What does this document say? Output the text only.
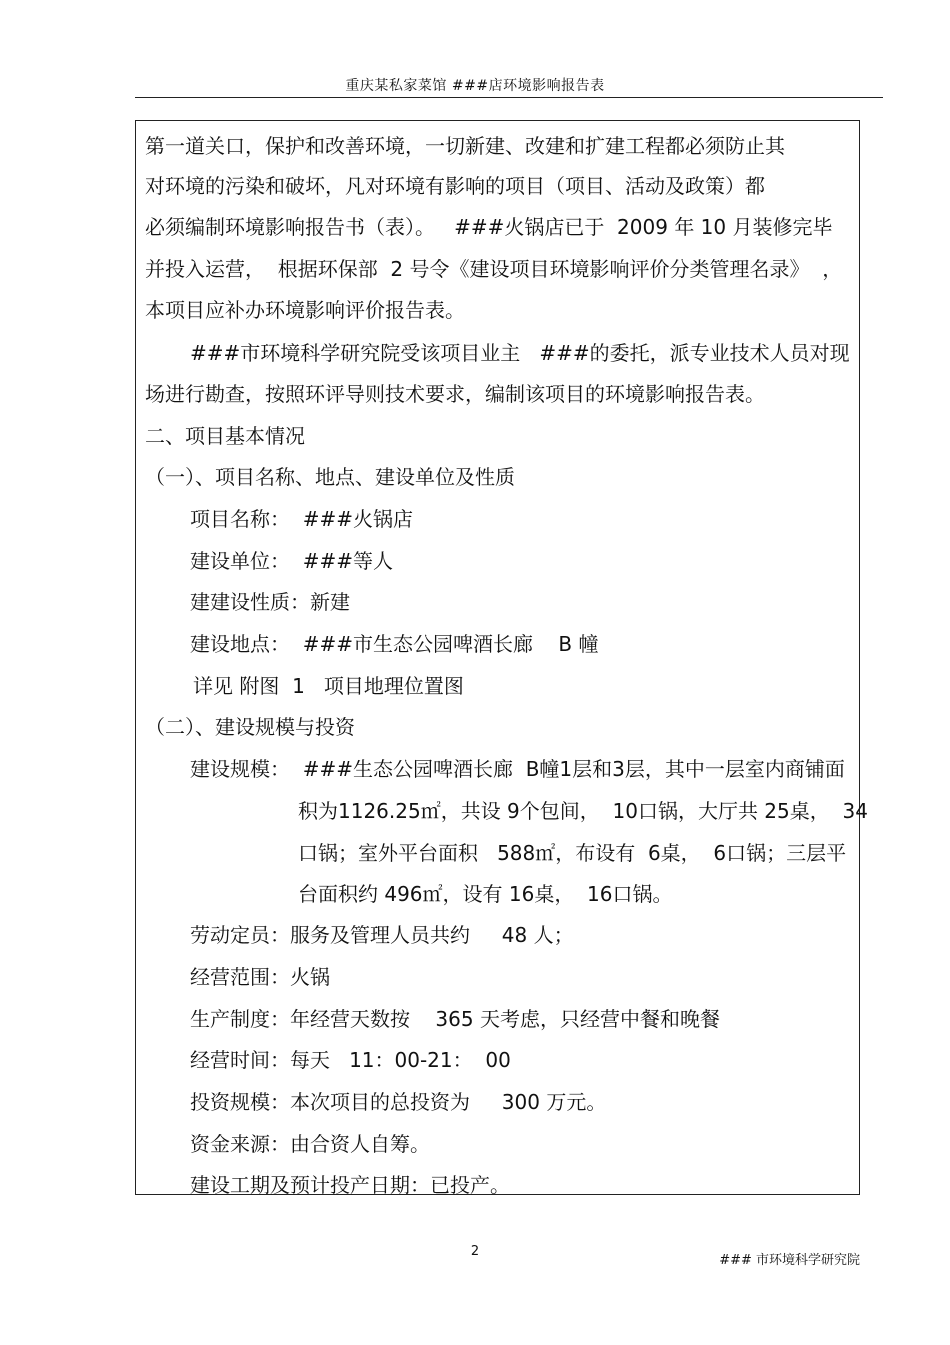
重庆某私家菜馆 ###店环境影响报告表
第一道关口，保护和改善环境，一切新建、改建和扩建工程都必须防止其
对环境的污染和破坏，凡对环境有影响的项目（项目、活动及政策）都
必须编制环境影响报告书（表）。   ###火锅店已于  2009 年 10 月装修完毕
并投入运营，  根据环保部  2 号令《建设项目环境影响评价分类管理名录》  ，
本项目应补办环境影响评价报告表。
###市环境科学研究院受该项目业主   ###的委托，派专业技术人员对现
场进行勘查，按照环评导则技术要求，编制该项目的环境影响报告表。
二、项目基本情况
（一）、项目名称、地点、建设单位及性质
项目名称：  ###火锅店
建设单位：  ###等人
建建设性质：新建
建设地点：  ###市生态公园啤酒长廊    B 幢
详见 附图  1   项目地理位置图
（二）、建设规模与投资
建设规模：  ###生态公园啤酒长廊  B幢1层和3层，其中一层室内商铺面
积为1126.25㎡，共设 9个包间，  10口锅，大厅共 25桌，  34
口锅；室外平台面积   588㎡，布设有  6桌，  6口锅；三层平
台面积约 496㎡，设有 16桌，  16口锅。
劳动定员：服务及管理人员共约     48 人；
经营范围：火锅
生产制度：年经营天数按    365 天考虑，只经营中餐和晚餐
经营时间：每天   11：00-21：  00
投资规模：本次项目的总投资为     300 万元。
资金来源：由合资人自筹。
建设工期及预计投产日期：已投产。
2
### 市环境科学研究院
